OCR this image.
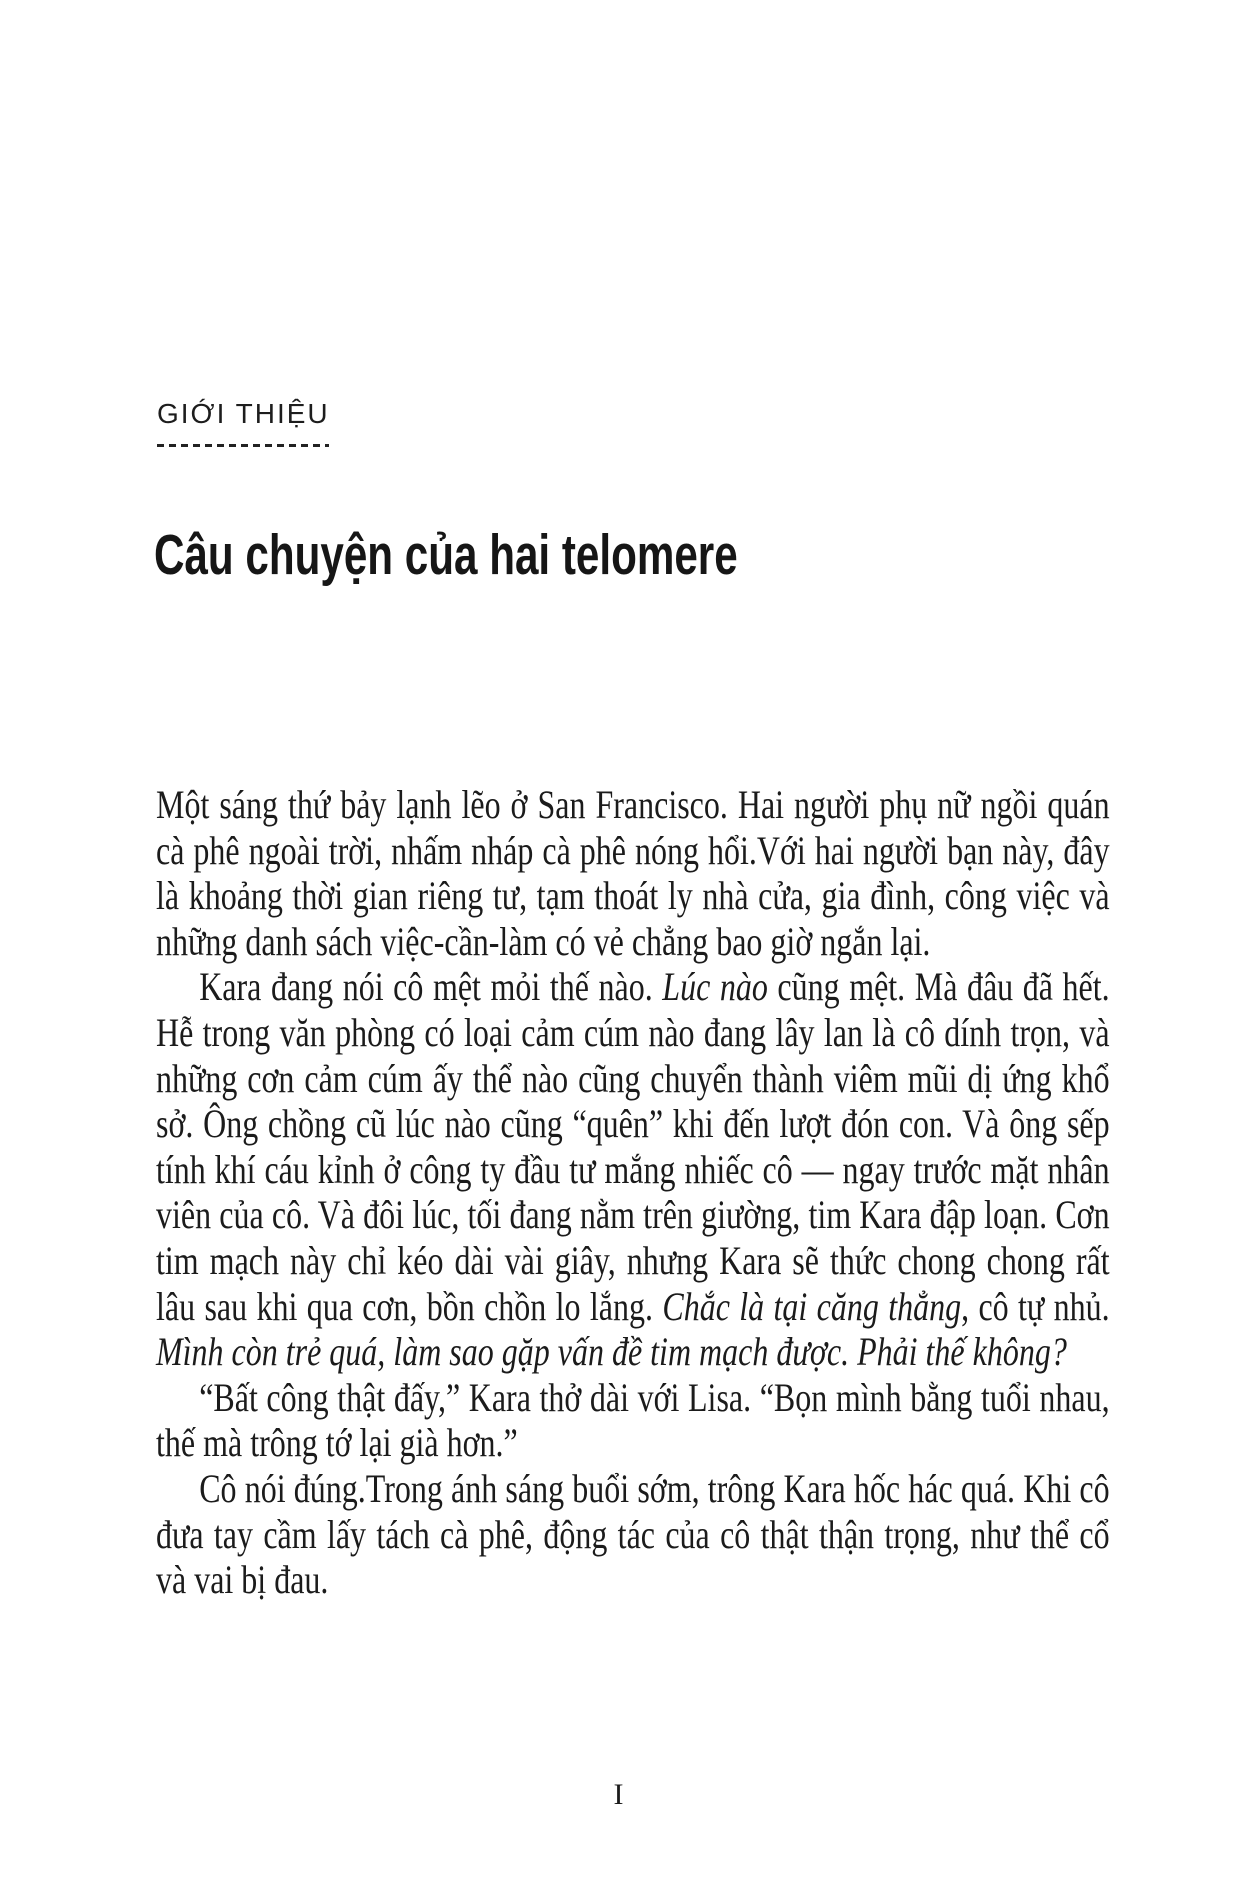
GIỚI THIỆU
Câu chuyện của hai telomere

Một sáng thứ bảy lạnh lẽo ở San Francisco. Hai người phụ nữ ngồi quán cà phê ngoài trời, nhấm nháp cà phê nóng hổi.Với hai người bạn này, đây là khoảng thời gian riêng tư, tạm thoát ly nhà cửa, gia đình, công việc và những danh sách việc-cần-làm có vẻ chẳng bao giờ ngắn lại.

Kara đang nói cô mệt mỏi thế nào. Lúc nào cũng mệt. Mà đâu đã hết. Hễ trong văn phòng có loại cảm cúm nào đang lây lan là cô dính trọn, và những cơn cảm cúm ấy thể nào cũng chuyển thành viêm mũi dị ứng khổ sở. Ông chồng cũ lúc nào cũng “quên” khi đến lượt đón con. Và ông sếp tính khí cáu kỉnh ở công ty đầu tư mắng nhiếc cô — ngay trước mặt nhân viên của cô. Và đôi lúc, tối đang nằm trên giường, tim Kara đập loạn. Cơn tim mạch này chỉ kéo dài vài giây, nhưng Kara sẽ thức chong chong rất lâu sau khi qua cơn, bồn chồn lo lắng. Chắc là tại căng thẳng, cô tự nhủ. Mình còn trẻ quá, làm sao gặp vấn đề tim mạch được. Phải thế không?

“Bất công thật đấy,” Kara thở dài với Lisa. “Bọn mình bằng tuổi nhau, thế mà trông tớ lại già hơn.”

Cô nói đúng.Trong ánh sáng buổi sớm, trông Kara hốc hác quá. Khi cô đưa tay cầm lấy tách cà phê, động tác của cô thật thận trọng, như thể cổ và vai bị đau.

I
